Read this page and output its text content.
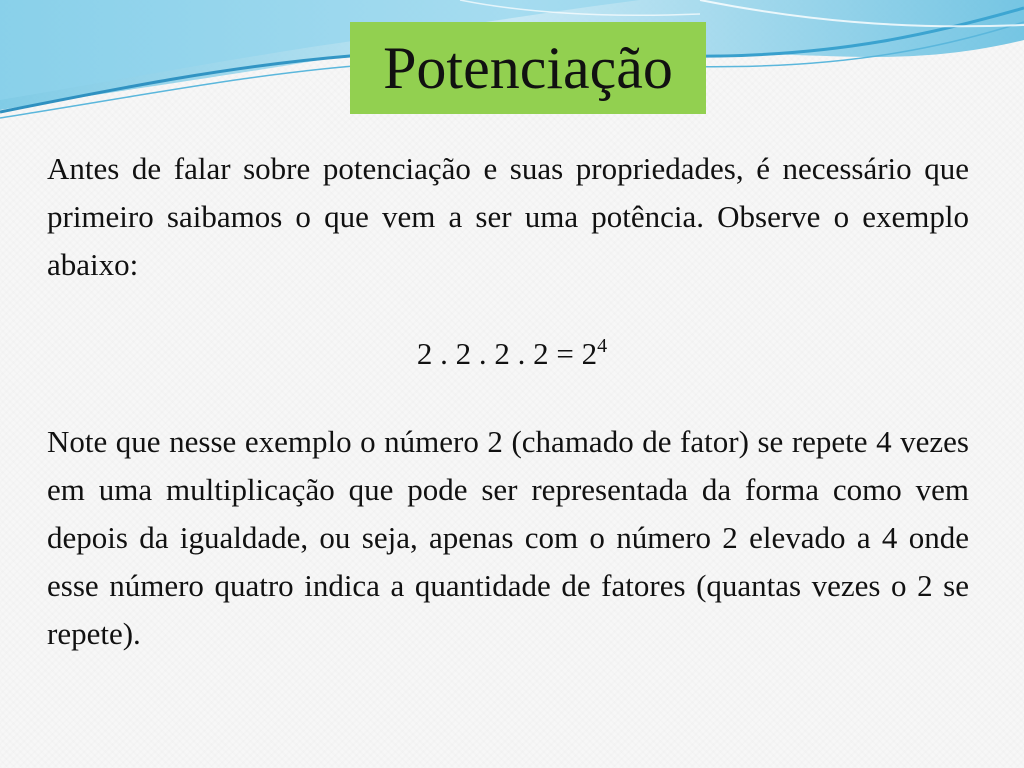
Potenciação

Antes de falar sobre potenciação e suas propriedades, é necessário que primeiro saibamos o que vem a ser uma potência. Observe o exemplo abaixo:

2 . 2 . 2 . $2 = 2^4$

Note que nesse exemplo o número 2 (chamado de fator) se repete 4 vezes em uma multiplicação que pode ser representada da forma como vem depois da igualdade, ou seja, apenas com o número 2 elevado a 4 onde esse número quatro indica a quantidade de fatores (quantas vezes o 2 se repete).
